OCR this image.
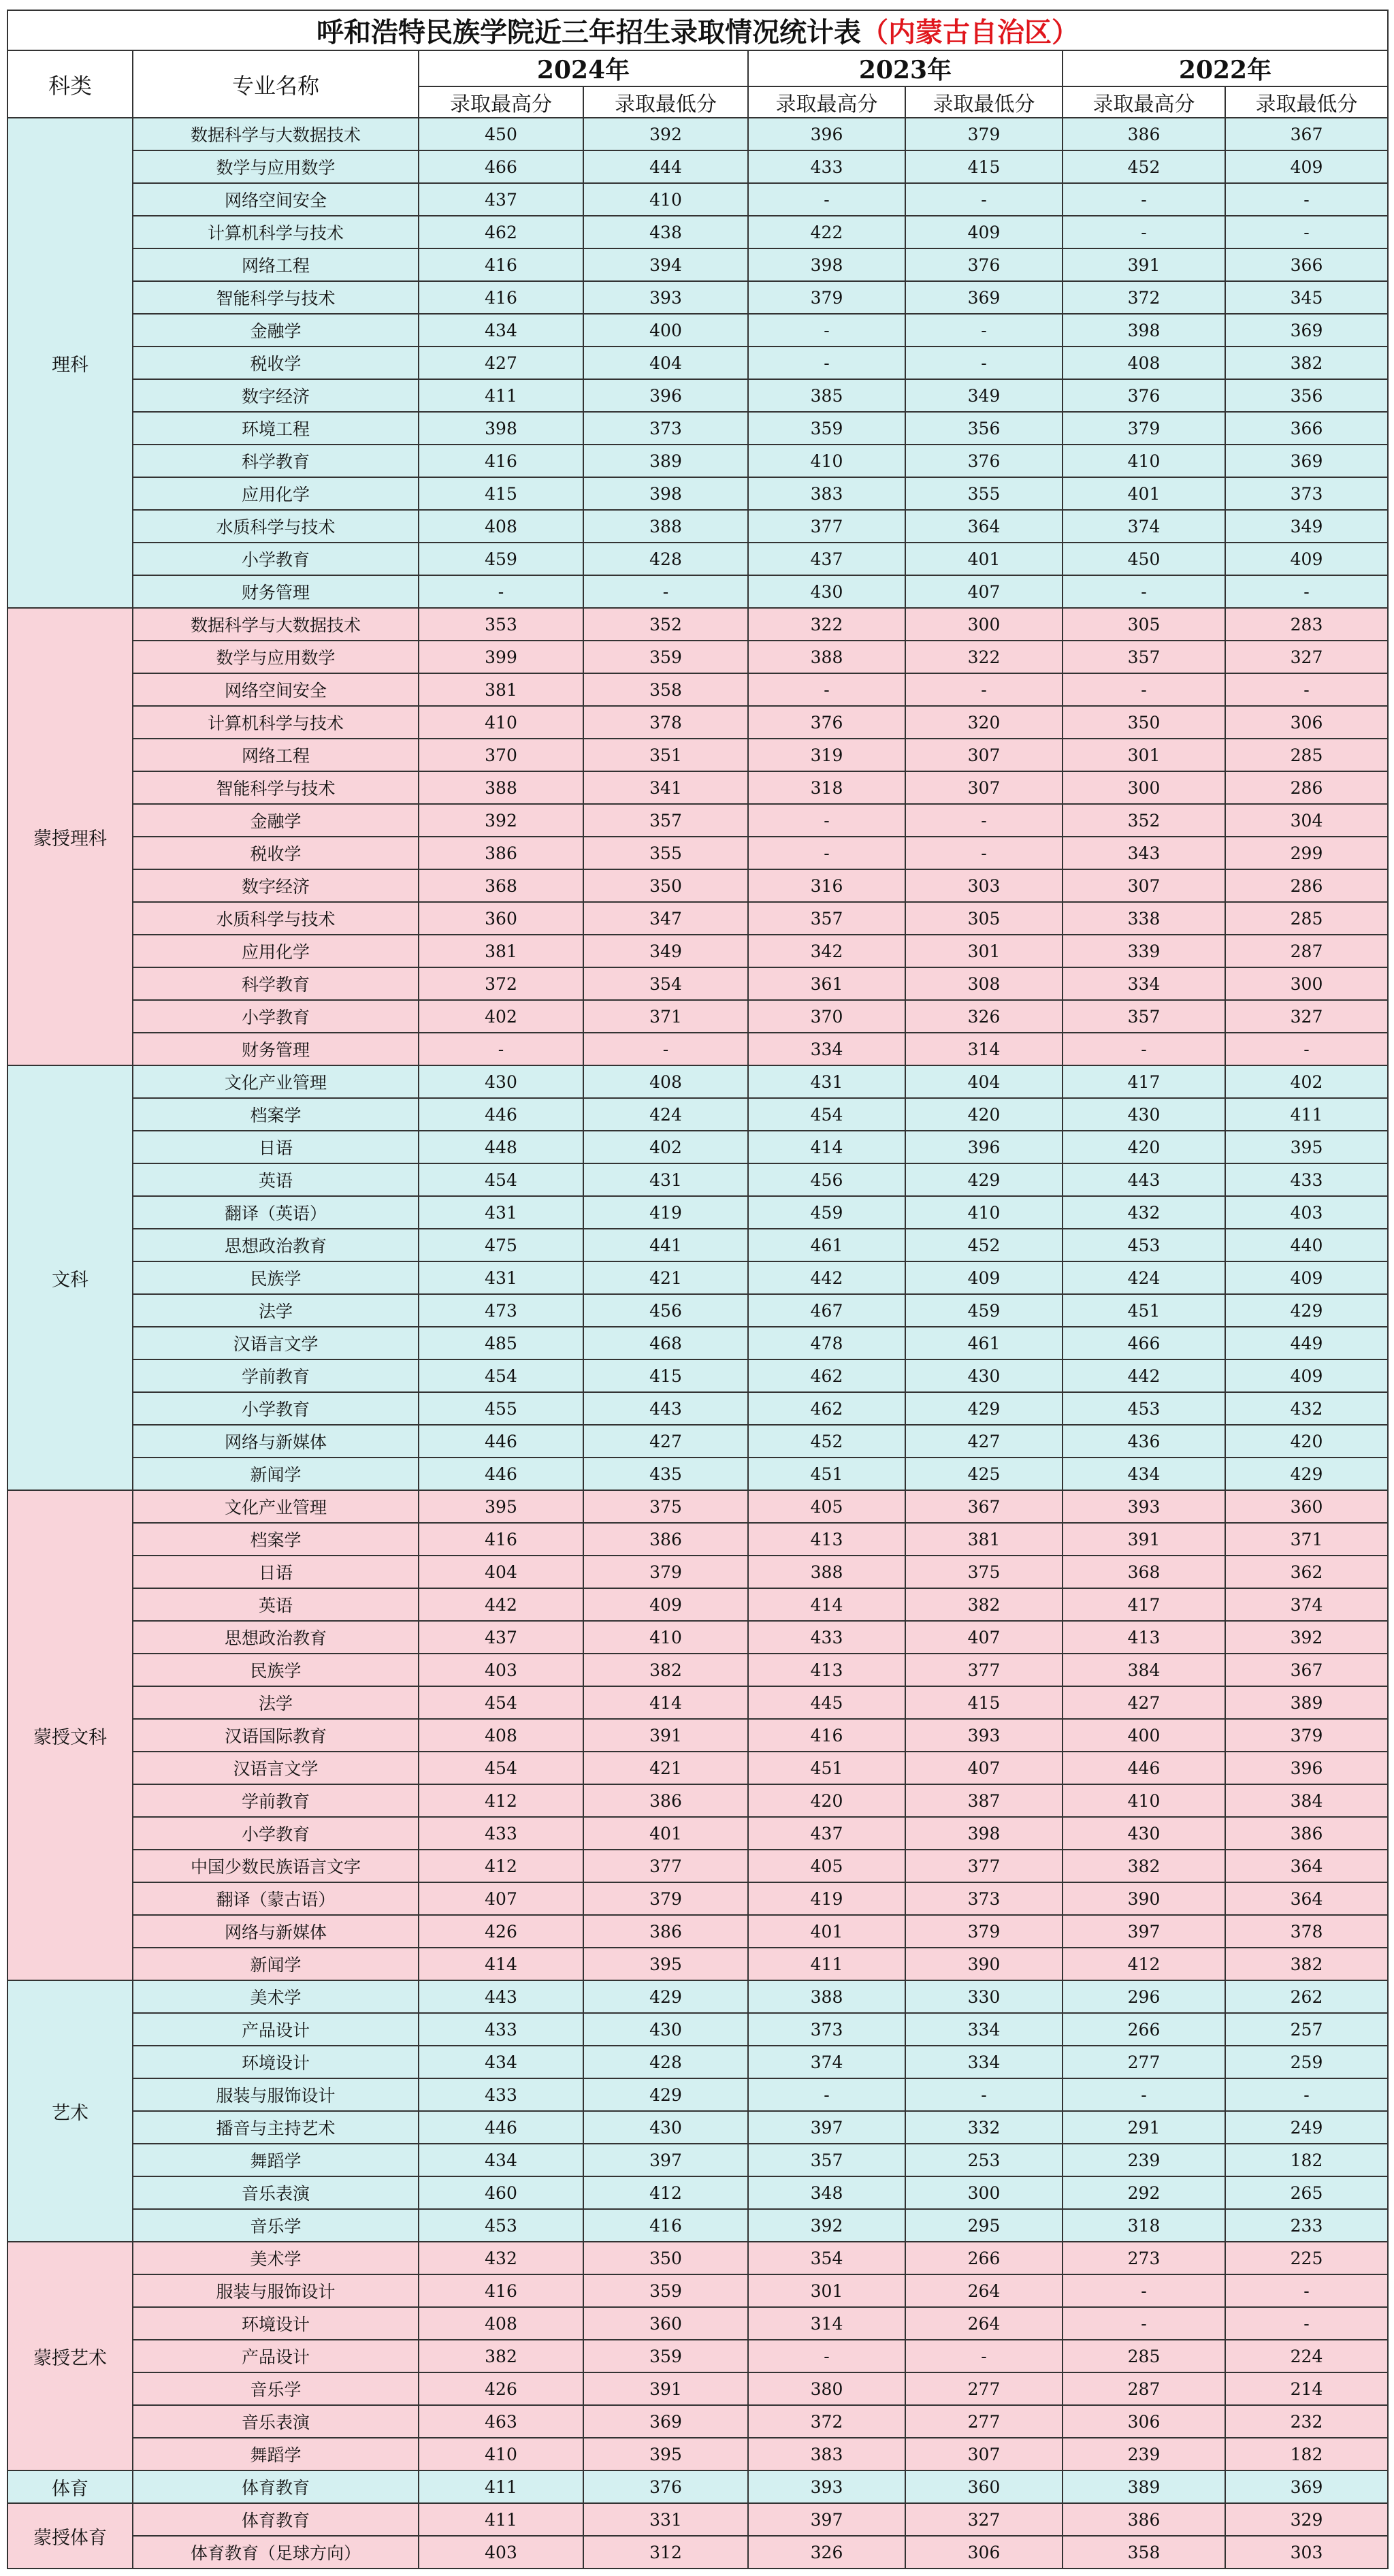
呼和浩特民族学院近三年招生录取情况统计表（内蒙古自治区）							
科类	专业名称	2024年		2023年		2022年	
		录取最高分	录取最低分	录取最高分	录取最低分	录取最高分	录取最低分
理科	数据科学与大数据技术	450	392	396	379	386	367
	数学与应用数学	466	444	433	415	452	409
	网络空间安全	437	410	-	-	-	-
	计算机科学与技术	462	438	422	409	-	-
	网络工程	416	394	398	376	391	366
	智能科学与技术	416	393	379	369	372	345
	金融学	434	400	-	-	398	369
	税收学	427	404	-	-	408	382
	数字经济	411	396	385	349	376	356
	环境工程	398	373	359	356	379	366
	科学教育	416	389	410	376	410	369
	应用化学	415	398	383	355	401	373
	水质科学与技术	408	388	377	364	374	349
	小学教育	459	428	437	401	450	409
	财务管理	-	-	430	407	-	-
蒙授理科	数据科学与大数据技术	353	352	322	300	305	283
	数学与应用数学	399	359	388	322	357	327
	网络空间安全	381	358	-	-	-	-
	计算机科学与技术	410	378	376	320	350	306
	网络工程	370	351	319	307	301	285
	智能科学与技术	388	341	318	307	300	286
	金融学	392	357	-	-	352	304
	税收学	386	355	-	-	343	299
	数字经济	368	350	316	303	307	286
	水质科学与技术	360	347	357	305	338	285
	应用化学	381	349	342	301	339	287
	科学教育	372	354	361	308	334	300
	小学教育	402	371	370	326	357	327
	财务管理	-	-	334	314	-	-
文科	文化产业管理	430	408	431	404	417	402
	档案学	446	424	454	420	430	411
	日语	448	402	414	396	420	395
	英语	454	431	456	429	443	433
	翻译（英语）	431	419	459	410	432	403
	思想政治教育	475	441	461	452	453	440
	民族学	431	421	442	409	424	409
	法学	473	456	467	459	451	429
	汉语言文学	485	468	478	461	466	449
	学前教育	454	415	462	430	442	409
	小学教育	455	443	462	429	453	432
	网络与新媒体	446	427	452	427	436	420
	新闻学	446	435	451	425	434	429
蒙授文科	文化产业管理	395	375	405	367	393	360
	档案学	416	386	413	381	391	371
	日语	404	379	388	375	368	362
	英语	442	409	414	382	417	374
	思想政治教育	437	410	433	407	413	392
	民族学	403	382	413	377	384	367
	法学	454	414	445	415	427	389
	汉语国际教育	408	391	416	393	400	379
	汉语言文学	454	421	451	407	446	396
	学前教育	412	386	420	387	410	384
	小学教育	433	401	437	398	430	386
	中国少数民族语言文字	412	377	405	377	382	364
	翻译（蒙古语）	407	379	419	373	390	364
	网络与新媒体	426	386	401	379	397	378
	新闻学	414	395	411	390	412	382
艺术	美术学	443	429	388	330	296	262
	产品设计	433	430	373	334	266	257
	环境设计	434	428	374	334	277	259
	服装与服饰设计	433	429	-	-	-	-
	播音与主持艺术	446	430	397	332	291	249
	舞蹈学	434	397	357	253	239	182
	音乐表演	460	412	348	300	292	265
	音乐学	453	416	392	295	318	233
蒙授艺术	美术学	432	350	354	266	273	225
	服装与服饰设计	416	359	301	264	-	-
	环境设计	408	360	314	264	-	-
	产品设计	382	359	-	-	285	224
	音乐学	426	391	380	277	287	214
	音乐表演	463	369	372	277	306	232
	舞蹈学	410	395	383	307	239	182
体育	体育教育	411	376	393	360	389	369
蒙授体育	体育教育	411	331	397	327	386	329
	体育教育（足球方向）	403	312	326	306	358	303
